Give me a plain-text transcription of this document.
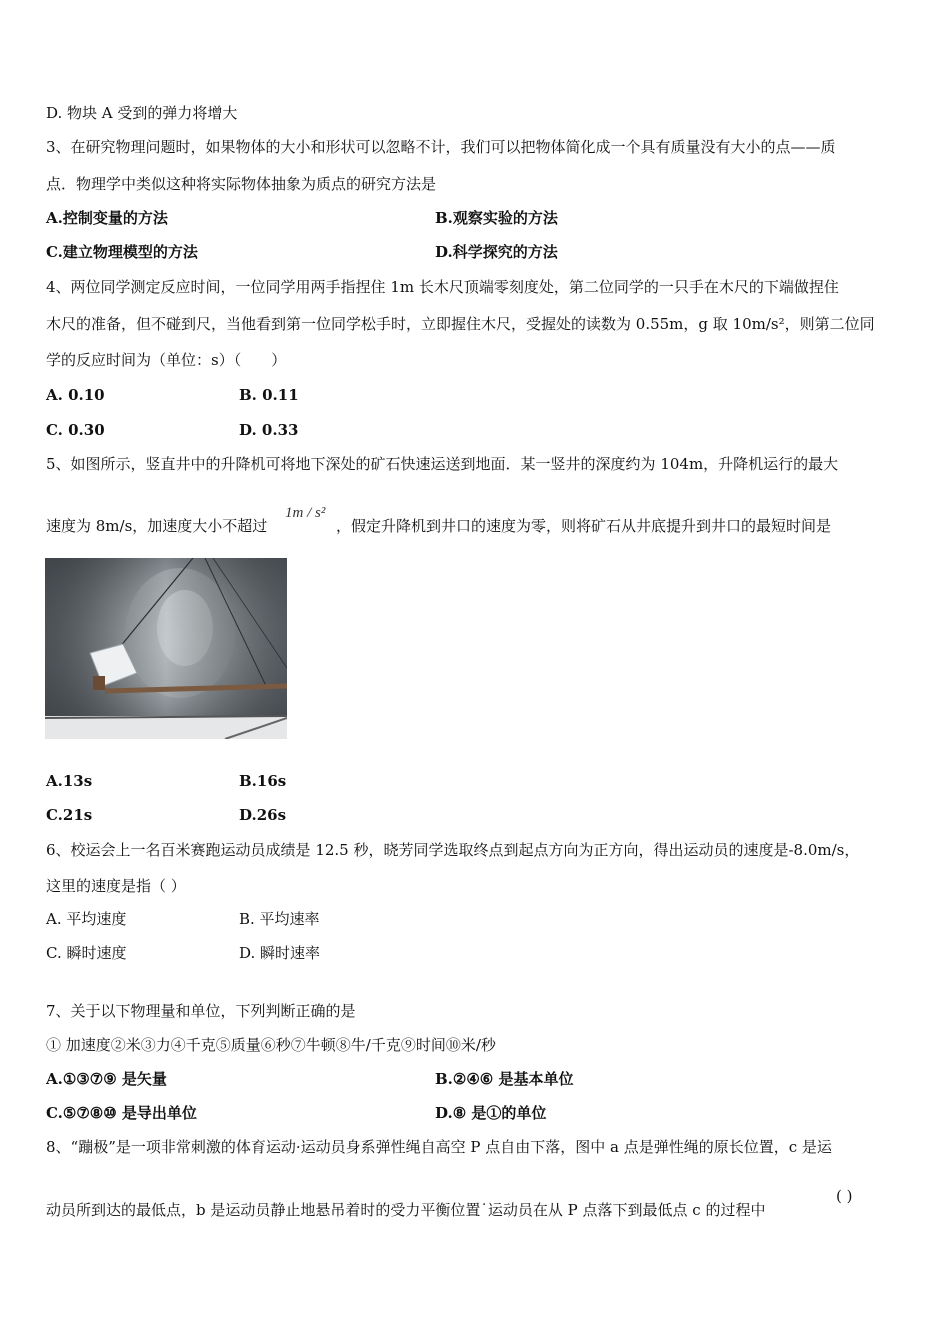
D. 物块 A 受到的弹力将增大
3、在研究物理问题时，如果物体的大小和形状可以忽略不计，我们可以把物体简化成一个具有质量没有大小的点——质
点．物理学中类似这种将实际物体抽象为质点的研究方法是
A.控制变量的方法	B.观察实验的方法
C.建立物理模型的方法	D.科学探究的方法
4、两位同学测定反应时间，一位同学用两手指捏住 1m 长木尺顶端零刻度处，第二位同学的一只手在木尺的下端做捏住
木尺的准备，但不碰到尺，当他看到第一位同学松手时，立即握住木尺，受握处的读数为 0.55m，g 取 10m/s²，则第二位同
学的反应时间为（单位：s）（　　）
A. 0.10	B. 0.11
C. 0.30	D. 0.33
5、如图所示，竖直井中的升降机可将地下深处的矿石快速运送到地面．某一竖井的深度约为 104m，升降机运行的最大
速度为 8m/s，加速度大小不超过
1m / s²
，假定升降机到井口的速度为零，则将矿石从井底提升到井口的最短时间是
A.13s	B.16s
C.21s	D.26s
6、校运会上一名百米赛跑运动员成绩是 12.5 秒，晓芳同学选取终点到起点方向为正方向，得出运动员的速度是-8.0m/s，
这里的速度是指（ ）
A. 平均速度	B. 平均速率
C. 瞬时速度	D. 瞬时速率
7、关于以下物理量和单位，下列判断正确的是
① 加速度②米③力④千克⑤质量⑥秒⑦牛顿⑧牛/千克⑨时间⑩米/秒
A.①③⑦⑨ 是矢量	B.②④⑥ 是基本单位
C.⑤⑦⑧⑩ 是导出单位	D.⑧ 是①的单位
8、“蹦极”是一项非常刺激的体育运动·运动员身系弹性绳自高空 P 点自由下落，图中 a 点是弹性绳的原长位置，c 是运
动员所到达的最低点，b 是运动员静止地悬吊着时的受力平衡位置˙运动员在从 P 点落下到最低点 c 的过程中
( )
